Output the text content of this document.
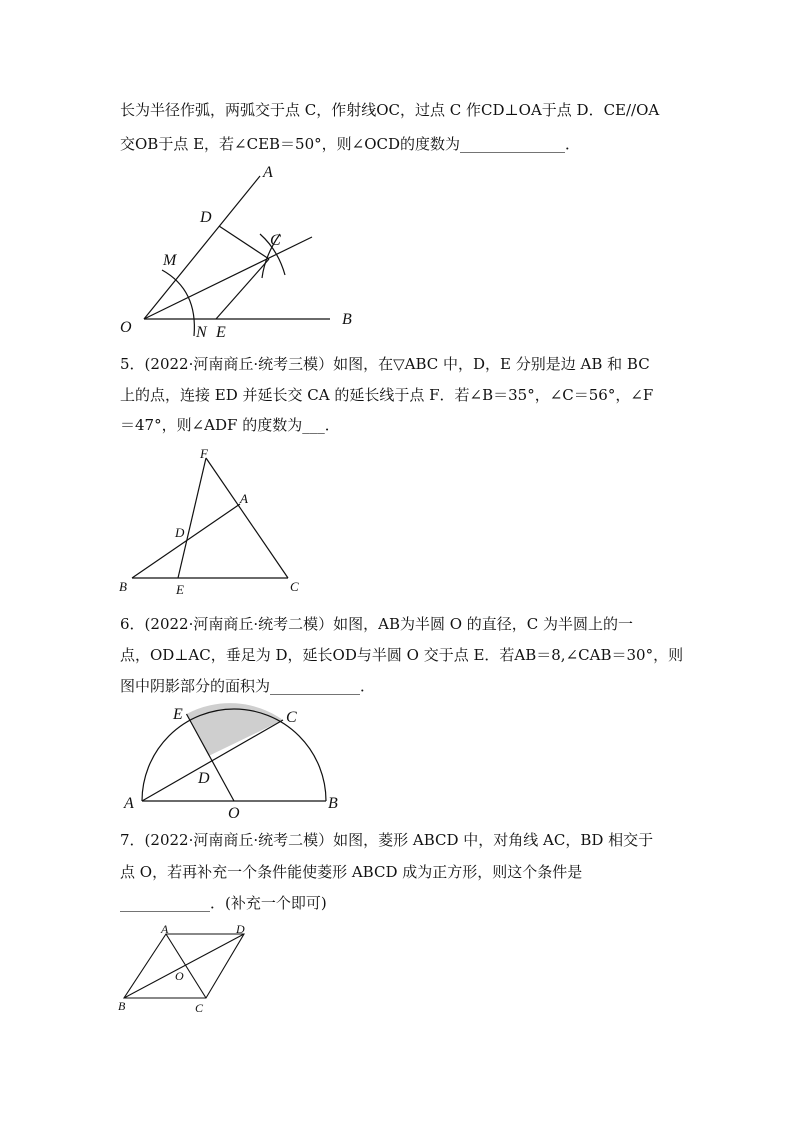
长为半径作弧，两弧交于点 C，作射线OC，过点 C 作CD⊥OA于点 D．CE//OA
交OB于点 E，若∠CEB＝50°，则∠OCD的度数为______________．
A
D
C
M
O	N E
B
5．(2022·河南商丘·统考三模）如图，在▽ABC 中，D，E 分别是边 AB 和 BC
上的点，连接 ED 并延长交 CA 的延长线于点 F．若∠B＝35°，∠C＝56°，∠F
＝47°，则∠ADF 的度数为___．
F
A
D
B	E	C
6．(2022·河南商丘·统考二模）如图，AB为半圆 O 的直径，C 为半圆上的一
点，OD⊥AC，垂足为 D，延长OD与半圆 O 交于点 E．若AB＝8,∠CAB＝30°，则
图中阴影部分的面积为____________．
E	C
D
A
O
B
7．(2022·河南商丘·统考二模）如图，菱形 ABCD 中，对角线 AC，BD 相交于
点 O，若再补充一个条件能使菱形 ABCD 成为正方形，则这个条件是
____________．(补充一个即可)
A	D
O
B	C
